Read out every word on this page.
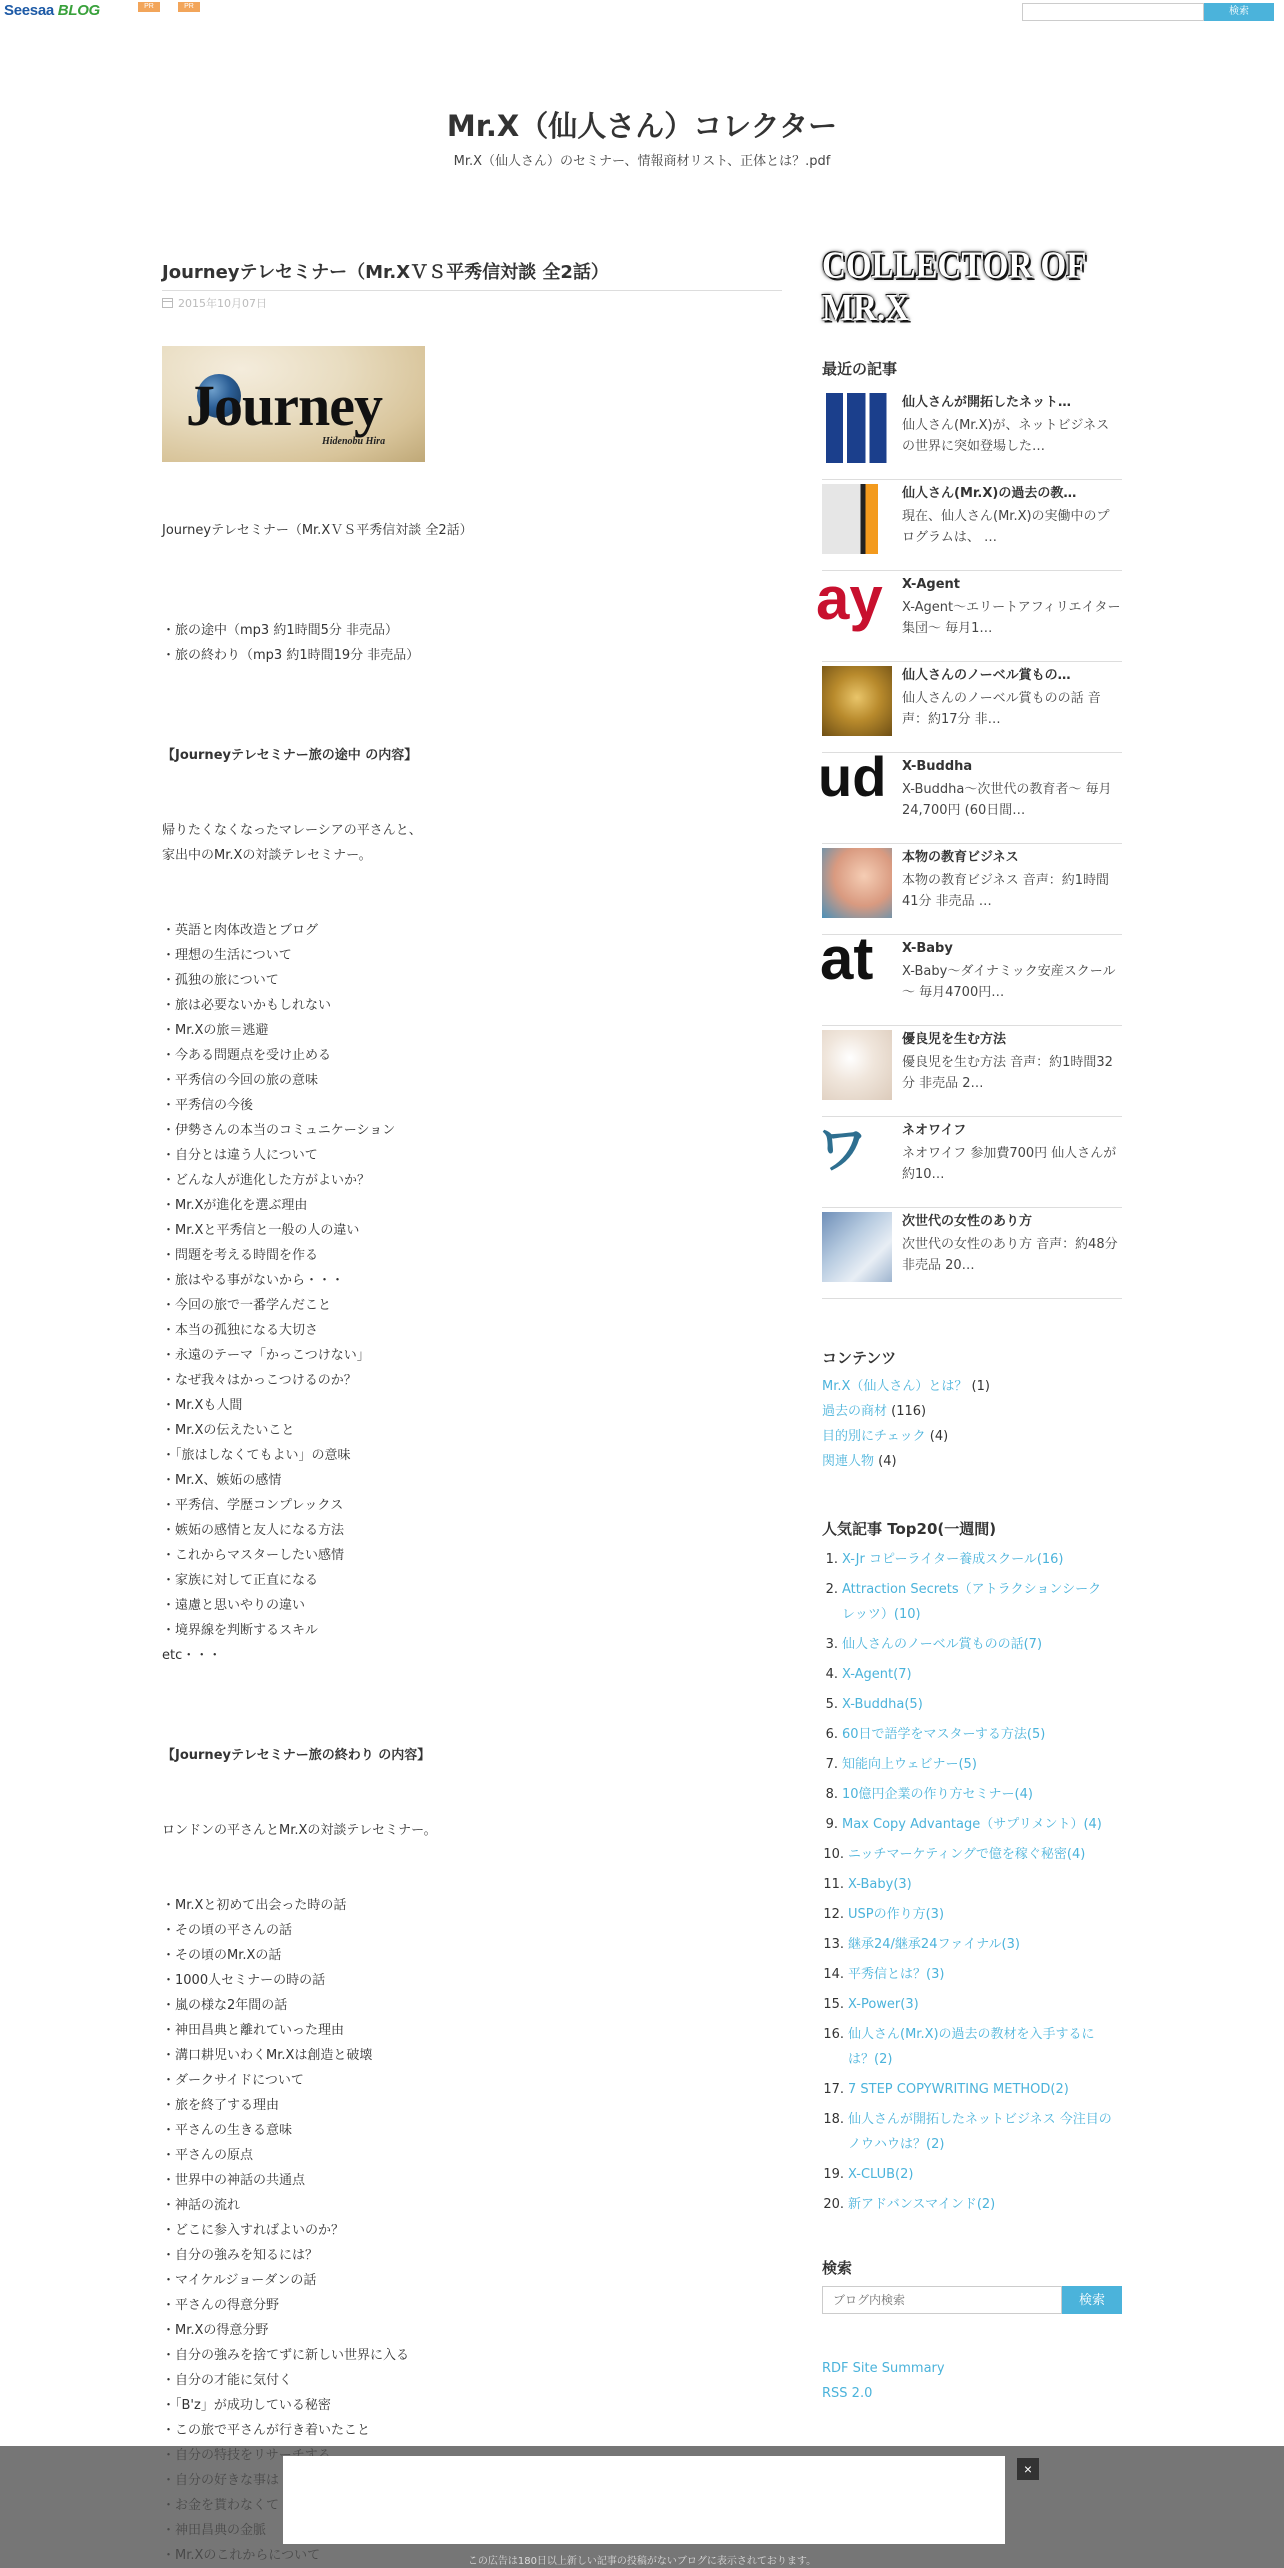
Seesaa BLOG	PR	PR	検索
Mr.X（仙人さん）コレクター
Mr.X（仙人さん）のセミナー、情報商材リスト、正体とは？.pdf
Journeyテレセミナー（Mr.XＶＳ平秀信対談 全2話）
2015年10月07日
Journey
Hidenobu Hira
Journeyテレセミナー（Mr.XＶＳ平秀信対談 全2話）
・旅の途中（mp3 約1時間5分 非売品）
・旅の終わり（mp3 約1時間19分 非売品）
【Journeyテレセミナー旅の途中 の内容】
帰りたくなくなったマレーシアの平さんと、
家出中のMr.Xの対談テレセミナー。
・英語と肉体改造とブログ
・理想の生活について
・孤独の旅について
・旅は必要ないかもしれない
・Mr.Xの旅＝逃避
・今ある問題点を受け止める
・平秀信の今回の旅の意味
・平秀信の今後
・伊勢さんの本当のコミュニケーション
・自分とは違う人について
・どんな人が進化した方がよいか？
・Mr.Xが進化を選ぶ理由
・Mr.Xと平秀信と一般の人の違い
・問題を考える時間を作る
・旅はやる事がないから・・・
・今回の旅で一番学んだこと
・本当の孤独になる大切さ
・永遠のテーマ「かっこつけない」
・なぜ我々はかっこつけるのか？
・Mr.Xも人間
・Mr.Xの伝えたいこと
・「旅はしなくてもよい」の意味
・Mr.X、嫉妬の感情
・平秀信、学歴コンプレックス
・嫉妬の感情と友人になる方法
・これからマスターしたい感情
・家族に対して正直になる
・遠慮と思いやりの違い
・境界線を判断するスキル
etc・・・
【Journeyテレセミナー旅の終わり の内容】
ロンドンの平さんとMr.Xの対談テレセミナー。
・Mr.Xと初めて出会った時の話
・その頃の平さんの話
・その頃のMr.Xの話
・1000人セミナーの時の話
・嵐の様な2年間の話
・神田昌典と離れていった理由
・溝口耕児いわくMr.Xは創造と破壊
・ダークサイドについて
・旅を終了する理由
・平さんの生きる意味
・平さんの原点
・世界中の神話の共通点
・神話の流れ
・どこに参入すればよいのか？
・自分の強みを知るには？
・マイケルジョーダンの話
・平さんの得意分野
・Mr.Xの得意分野
・自分の強みを捨てずに新しい世界に入る
・自分の才能に気付く
・「B'z」が成功している秘密
・この旅で平さんが行き着いたこと
COLLECTOR OF MR.X
最近の記事
仙人さんが開拓したネット…
仙人さん(Mr.X)が、ネットビジネスの世界に突如登場した…
仙人さん(Mr.X)の過去の教…
現在、仙人さん(Mr.X)の実働中のプログラムは、 …
ay X-Agent
X-Agent～エリートアフィリエイター集団～ 毎月1…
仙人さんのノーベル賞もの…
仙人さんのノーベル賞ものの話 音声：約17分 非…
ud X-Buddha
X-Buddha～次世代の教育者～ 毎月24,700円 (60日間…
本物の教育ビジネス
本物の教育ビジネス 音声：約1時間41分 非売品 …
at X-Baby
X-Baby～ダイナミック安産スクール～ 毎月4700円…
優良児を生む方法
優良児を生む方法 音声：約1時間32分 非売品 2…
ワ	ネオワイフ
ネオワイフ 参加費700円 仙人さんが約10…
次世代の女性のあり方
次世代の女性のあり方 音声：約48分 非売品 20…
コンテンツ
Mr.X（仙人さん）とは？ (1)
過去の商材 (116)
目的別にチェック (4)
関連人物 (4)
人気記事 Top20(一週間)
1. X-Jr コピーライター養成スクール(16)
2. Attraction Secrets（アトラクションシークレッツ）(10)
3. 仙人さんのノーベル賞ものの話(7)
4. X-Agent(7)
5. X-Buddha(5)
6. 60日で語学をマスターする方法(5)
7. 知能向上ウェビナー(5)
8. 10億円企業の作り方セミナー(4)
9. Max Copy Advantage（サプリメント）(4)
10. ニッチマーケティングで億を稼ぐ秘密(4)
11. X-Baby(3)
12. USPの作り方(3)
13. 継承24/継承24ファイナル(3)
14. 平秀信とは？(3)
15. X-Power(3)
16. 仙人さん(Mr.X)の過去の教材を入手するには？(2)
17. 7 STEP COPYWRITING METHOD(2)
18. 仙人さんが開拓したネットビジネス 今注目のノウハウは？(2)
19. X-CLUB(2)
20. 新アドバンスマインド(2)
検索
ブログ内検索
検索
RDF Site Summary
RSS 2.0
×
この広告は180日以上新しい記事の投稿がないブログに表示されております。
